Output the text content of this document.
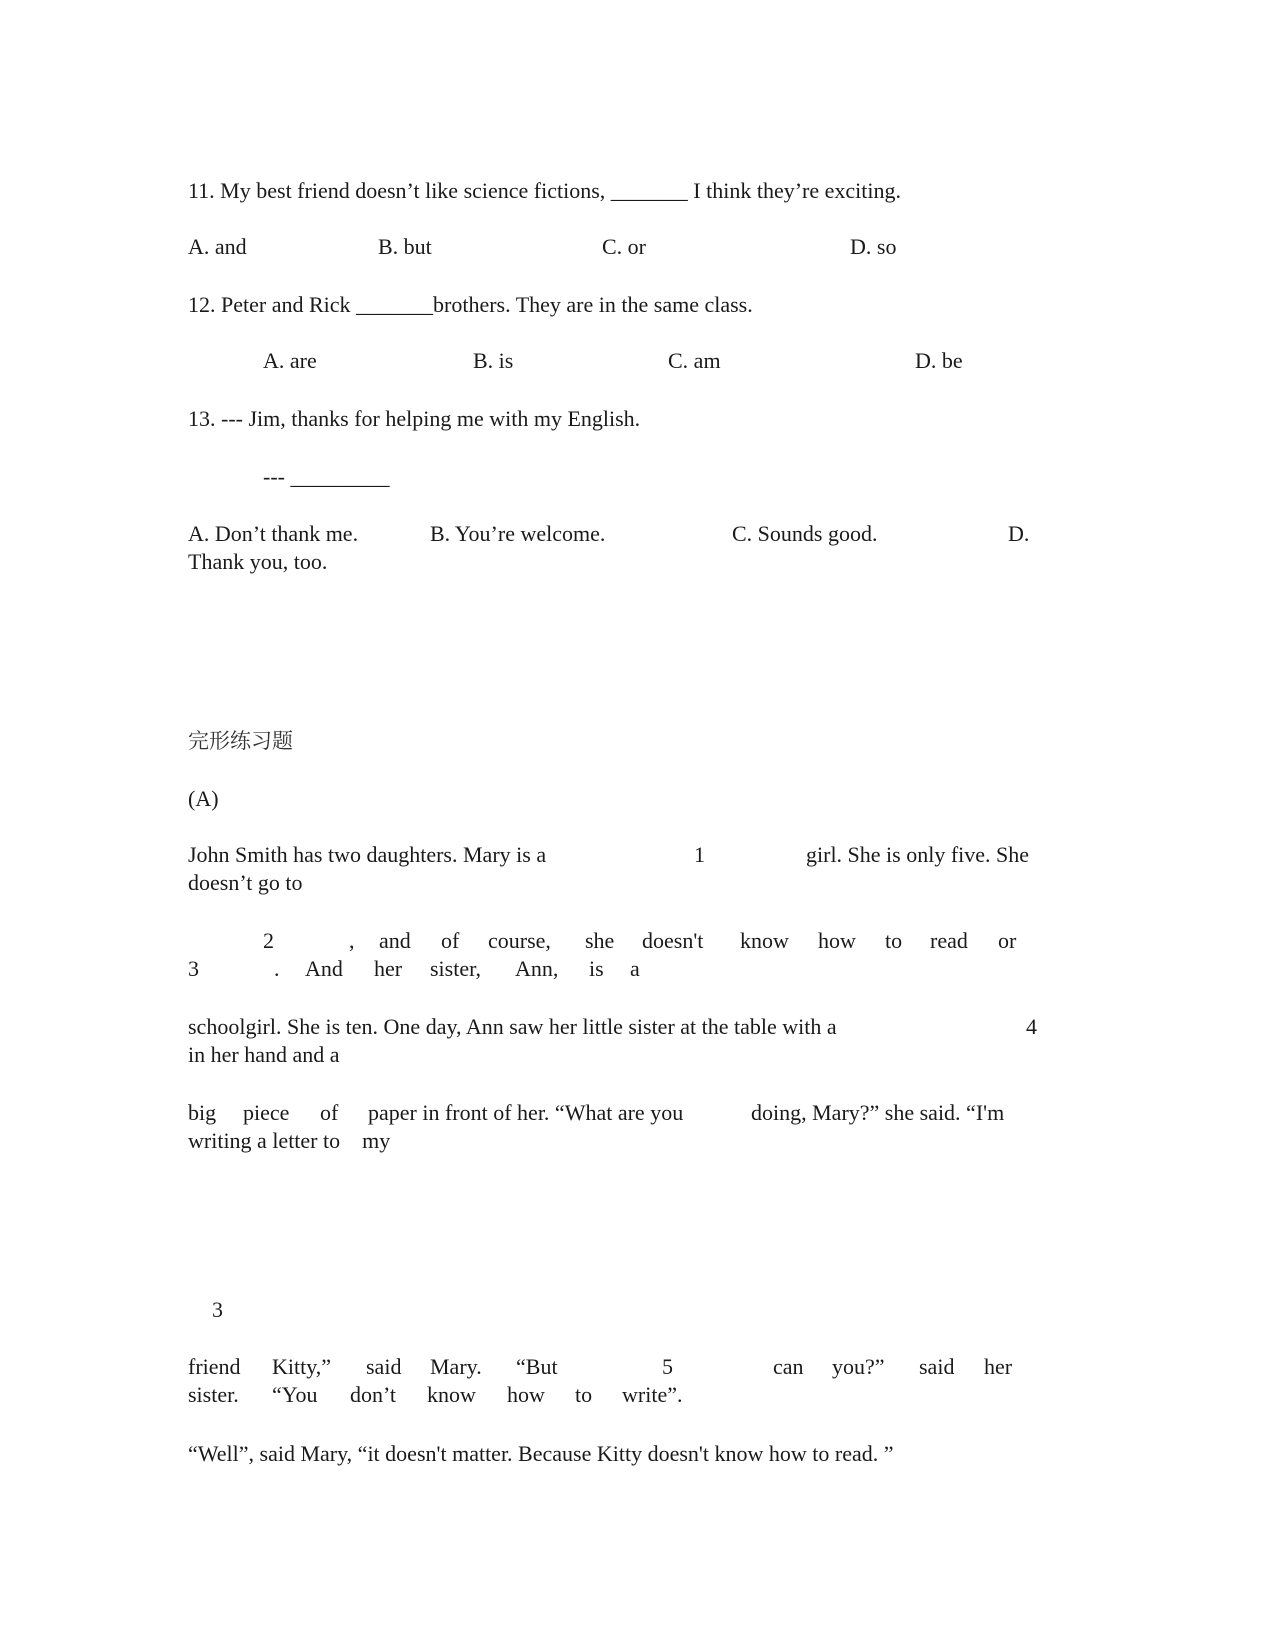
11. My best friend doesn’t like science fictions, _______ I think they’re exciting.
A. and	B. but	C. or	D. so
12. Peter and Rick _______brothers. They are in the same class.
A. are	B. is	C. am	D. be
13. --- Jim, thanks for helping me with my English.
--- _________
A. Don’t thank me.	B. You’re welcome.	C. Sounds good.	D.
Thank you, too.
完形练习题
(A)
John Smith has two daughters. Mary is a	1	girl. She is only five. She
doesn’t go to
2	, and of course, she doesn't know how to read or
3	. And her sister, Ann, is a
schoolgirl. She is ten. One day, Ann saw her little sister at the table with a	4
in her hand and a
big piece of paper in front of her. “What are you	doing, Mary?” she said. “I'm
writing a letter to    my
3
friend Kitty,” said Mary. “But	5	can you?” said her
sister. “You don’t know how to write”.
“Well”, said Mary, “it doesn't matter. Because Kitty doesn't know how to read. ”
